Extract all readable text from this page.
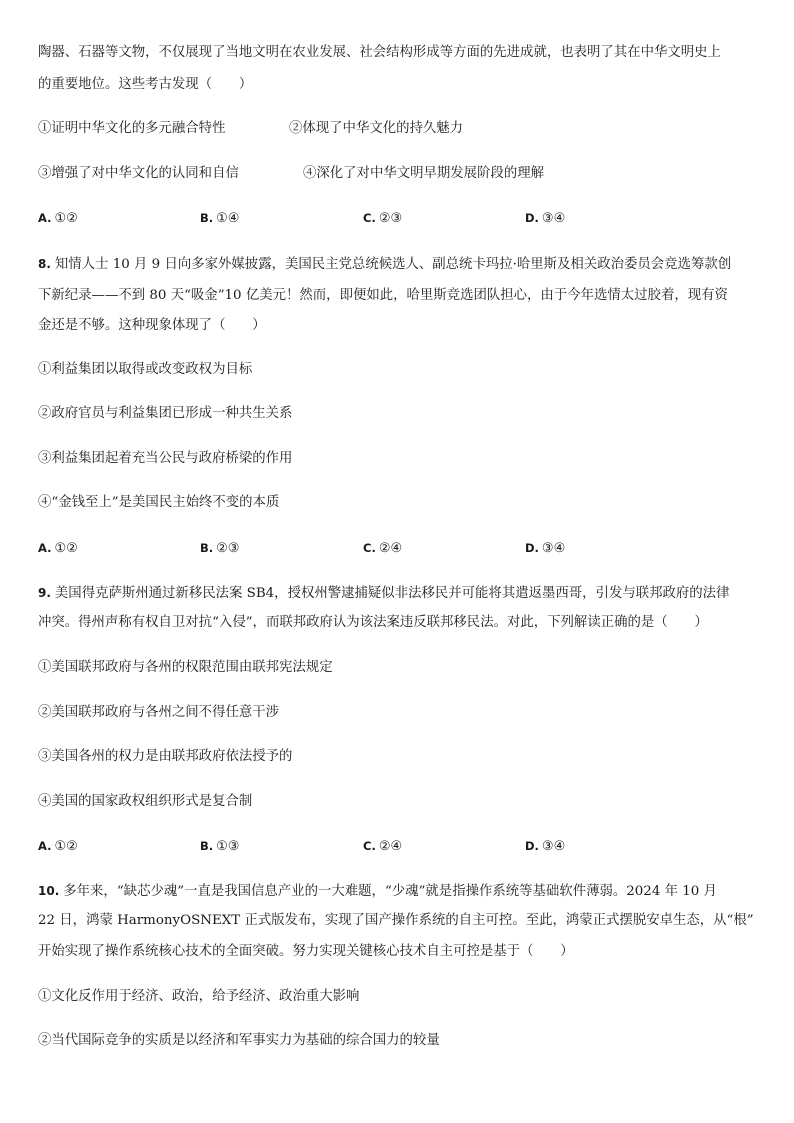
陶器、石器等文物，不仅展现了当地文明在农业发展、社会结构形成等方面的先进成就，也表明了其在中华文明史上
的重要地位。这些考古发现（　　）
①证明中华文化的多元融合特性	②体现了中华文化的持久魅力
③增强了对中华文化的认同和自信	④深化了对中华文明早期发展阶段的理解
A. ①②	B. ①④	C. ②③	D. ③④
8. 知情人士 10 月 9 日向多家外媒披露，美国民主党总统候选人、副总统卡玛拉·哈里斯及相关政治委员会竞选筹款创
下新纪录——不到 80 天“吸金”10 亿美元！然而，即便如此，哈里斯竞选团队担心，由于今年选情太过胶着，现有资
金还是不够。这种现象体现了（　　）
①利益集团以取得或改变政权为目标
②政府官员与利益集团已形成一种共生关系
③利益集团起着充当公民与政府桥梁的作用
④“金钱至上”是美国民主始终不变的本质
A. ①②	B. ②③	C. ②④	D. ③④
9. 美国得克萨斯州通过新移民法案 SB4，授权州警逮捕疑似非法移民并可能将其遣返墨西哥，引发与联邦政府的法律
冲突。得州声称有权自卫对抗“入侵”，而联邦政府认为该法案违反联邦移民法。对此，下列解读正确的是（　　）
①美国联邦政府与各州的权限范围由联邦宪法规定
②美国联邦政府与各州之间不得任意干涉
③美国各州的权力是由联邦政府依法授予的
④美国的国家政权组织形式是复合制
A. ①②	B. ①③	C. ②④	D. ③④
10. 多年来，“缺芯少魂”一直是我国信息产业的一大难题，“少魂”就是指操作系统等基础软件薄弱。2024 年 10 月
22 日，鸿蒙 HarmonyOSNEXT 正式版发布，实现了国产操作系统的自主可控。至此，鸿蒙正式摆脱安卓生态，从“根”
开始实现了操作系统核心技术的全面突破。努力实现关键核心技术自主可控是基于（　　）
①文化反作用于经济、政治，给予经济、政治重大影响
②当代国际竞争的实质是以经济和军事实力为基础的综合国力的较量
